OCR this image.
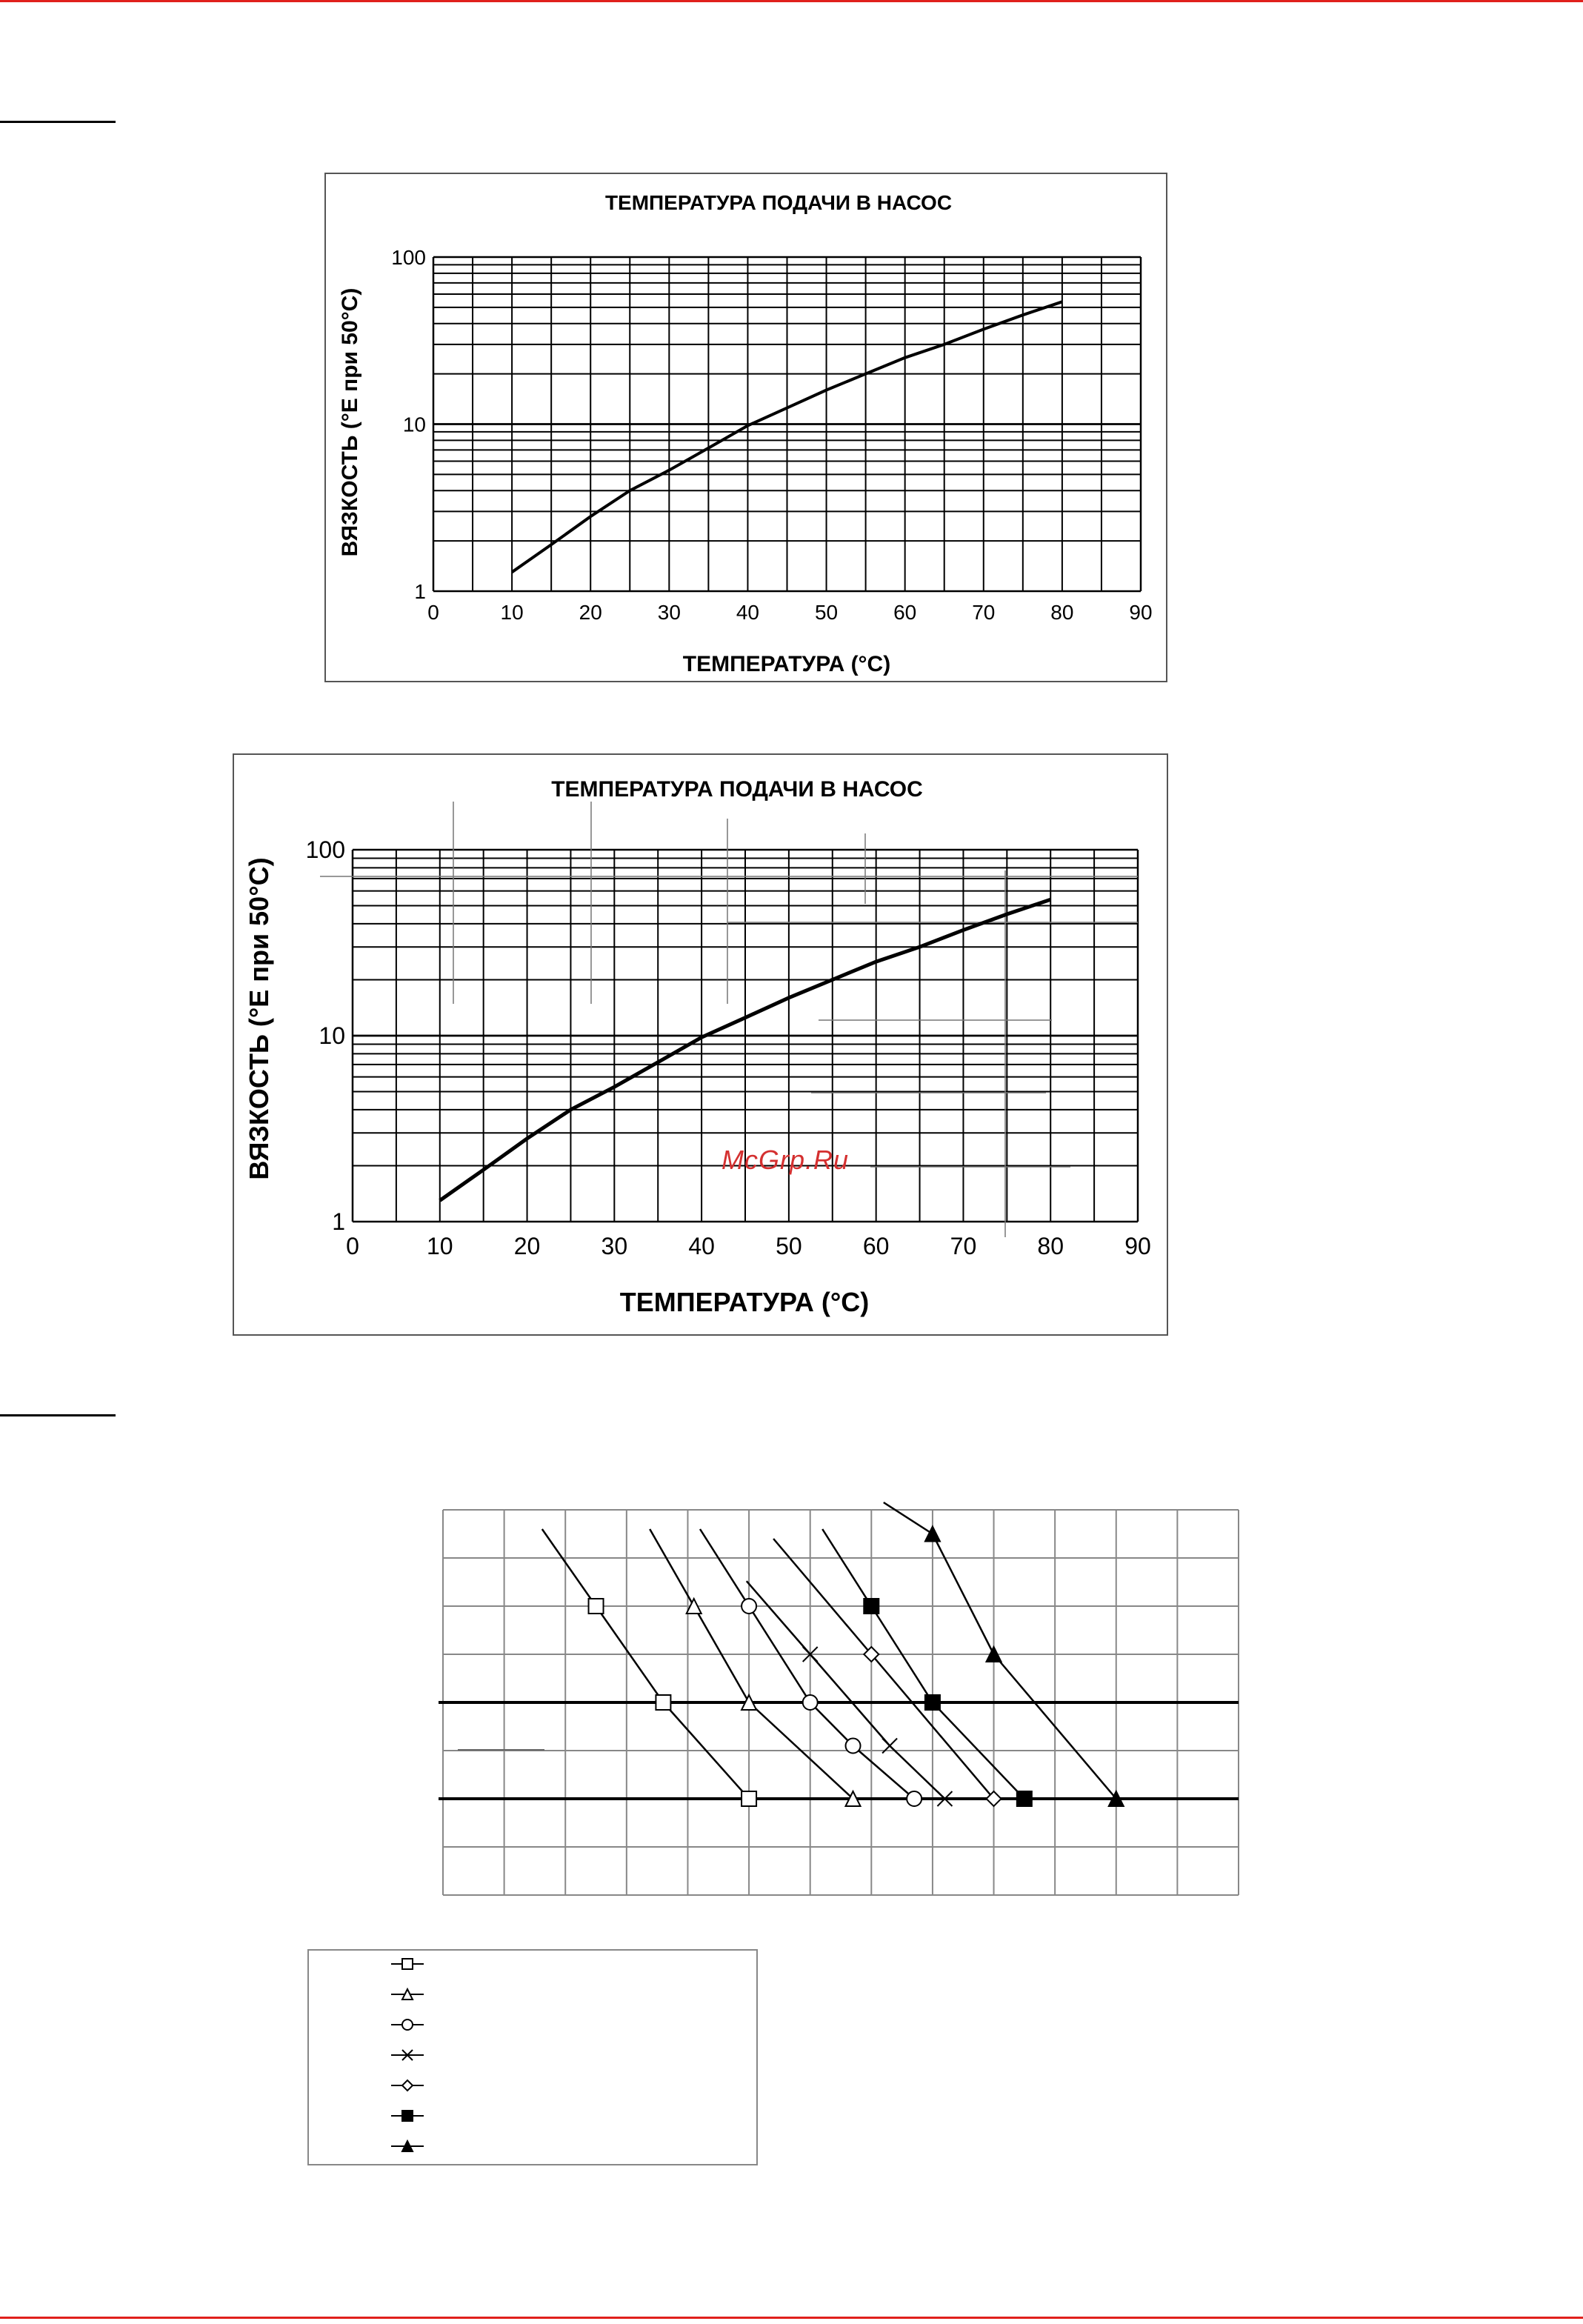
ТЕМПЕРАТУРА ПОДАЧИ В НАСОС
ТЕМПЕРАТУРА (°C)
ВЯЗКОСТЬ (°E при 50°C)
0	10	20	30	40	50	60	70	80	90
1
10
100
ТЕМПЕРАТУРА ПОДАЧИ В НАСОС
ТЕМПЕРАТУРА (°C)
ВЯЗКОСТЬ (°E при 50°C)
0	10	20	30	40	50	60	70	80	90
1
10
100
McGrp.Ru
